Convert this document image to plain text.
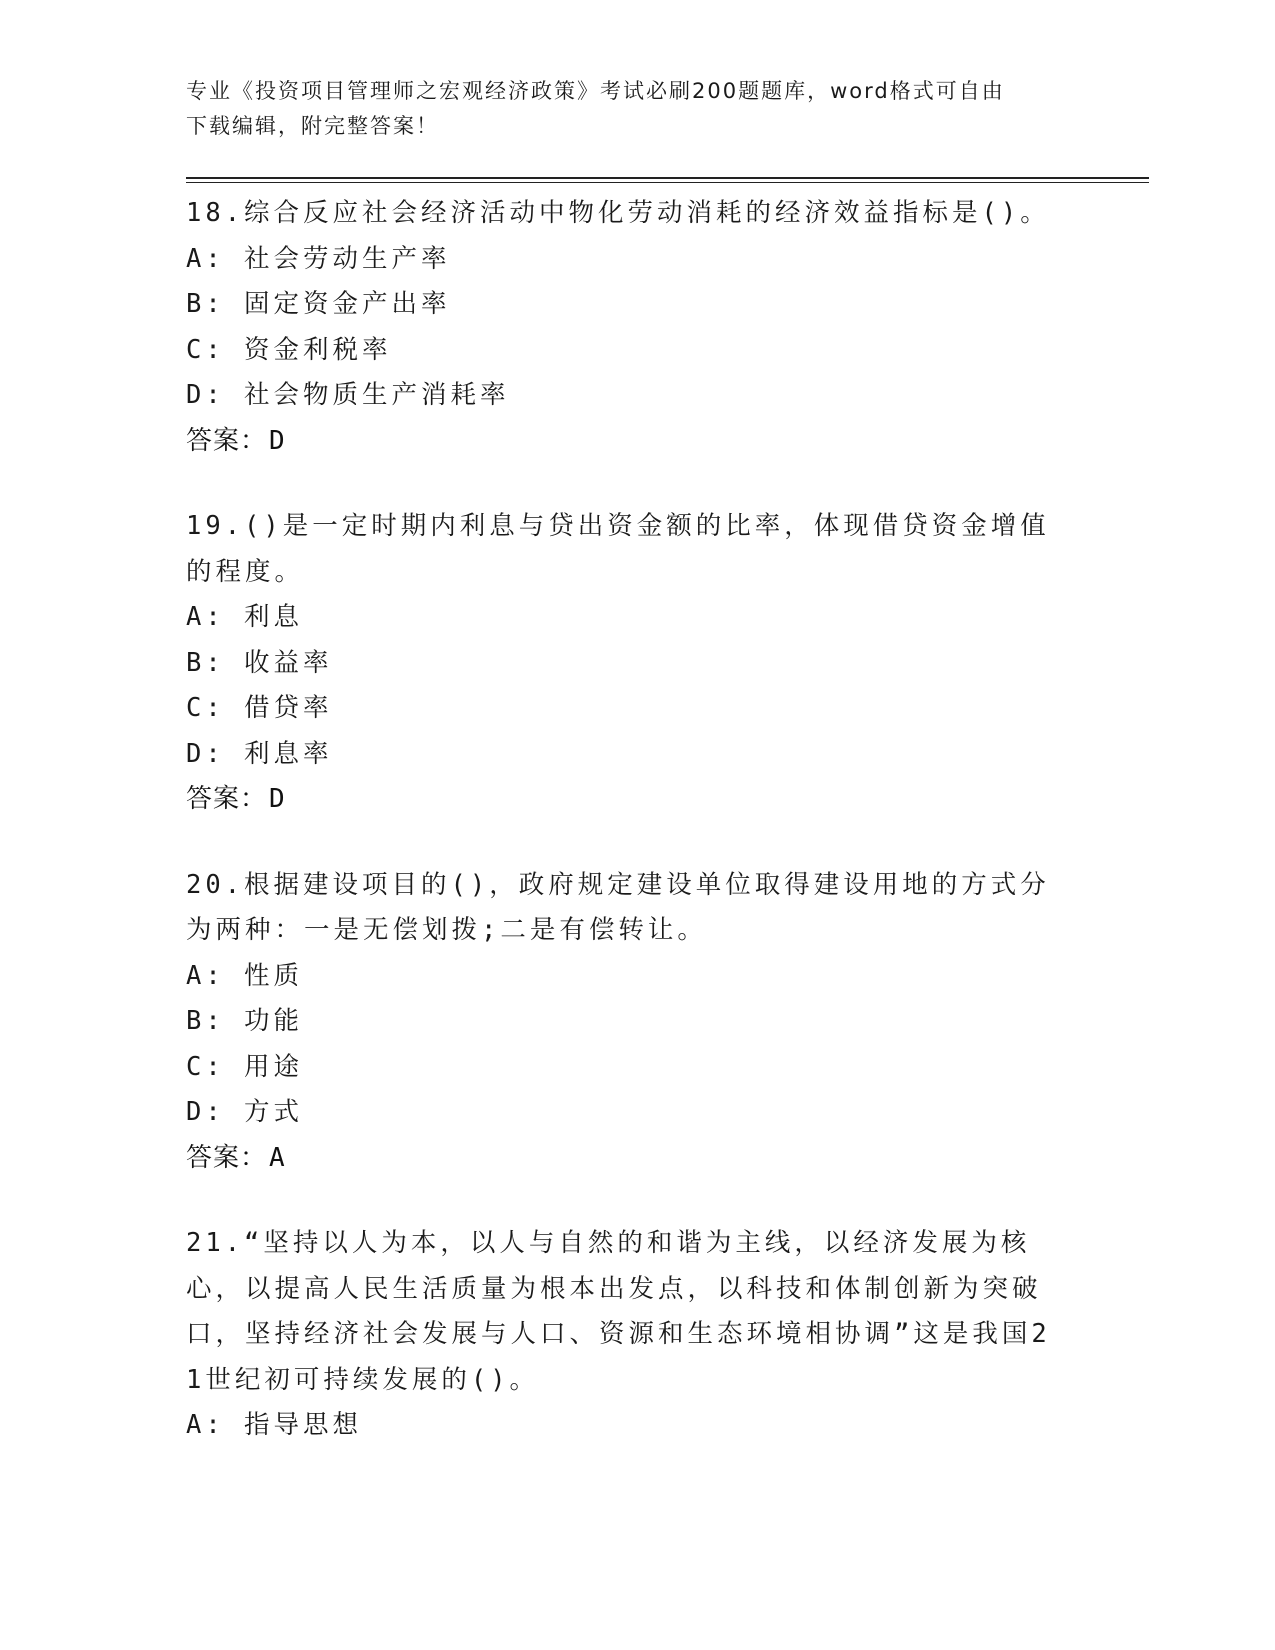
专业《投资项目管理师之宏观经济政策》考试必刷200题题库，word格式可自由
下载编辑，附完整答案！
18.综合反应社会经济活动中物化劳动消耗的经济效益指标是()。
A: 社会劳动生产率
B: 固定资金产出率
C: 资金利税率
D: 社会物质生产消耗率
答案：D
19.()是一定时期内利息与贷出资金额的比率，体现借贷资金增值的程度。
A: 利息
B: 收益率
C: 借贷率
D: 利息率
答案：D
20.根据建设项目的()，政府规定建设单位取得建设用地的方式分为两种：一是无偿划拨;二是有偿转让。
A: 性质
B: 功能
C: 用途
D: 方式
答案：A
21.“坚持以人为本，以人与自然的和谐为主线，以经济发展为核心，以提高人民生活质量为根本出发点，以科技和体制创新为突破口，坚持经济社会发展与人口、资源和生态环境相协调”这是我国21世纪初可持续发展的()。
A: 指导思想
